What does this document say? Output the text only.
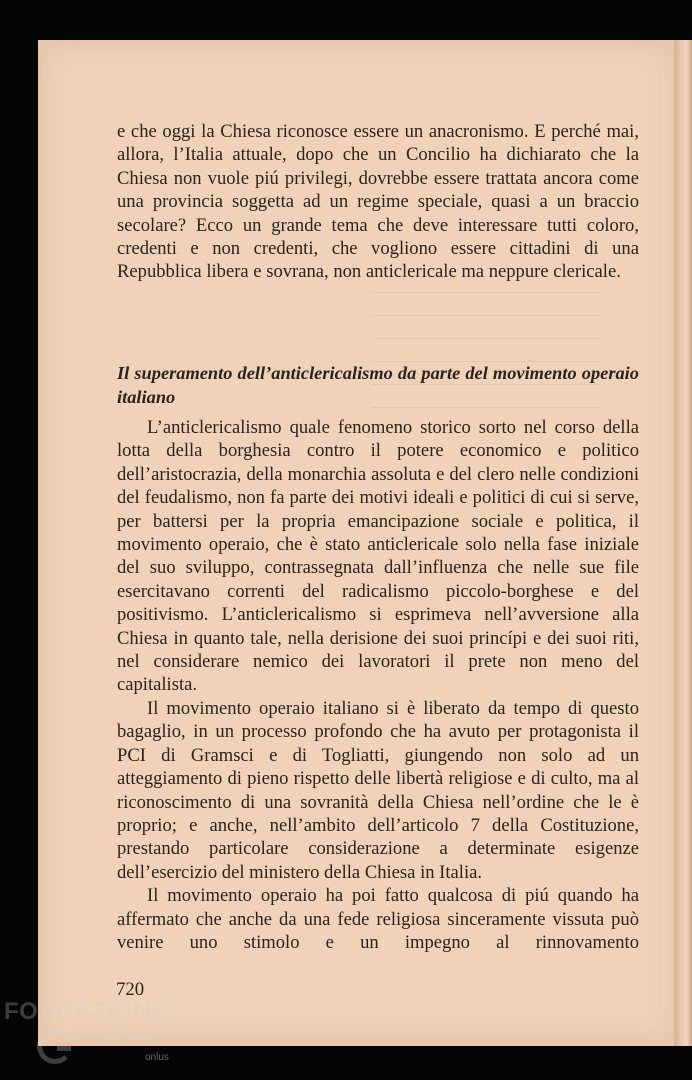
e che oggi la Chiesa riconosce essere un anacronismo. E perché mai, allora, l’Italia attuale, dopo che un Concilio ha dichiarato che la Chiesa non vuole piú privilegi, dovrebbe essere trattata ancora come una provincia soggetta ad un regime speciale, quasi a un braccio secolare? Ecco un grande tema che deve interessare tutti coloro, credenti e non credenti, che vogliono essere cittadini di una Repubblica libera e sovrana, non anticlericale ma neppure clericale.

Il superamento dell’anticlericalismo da parte del movimento operaio italiano

L’anticlericalismo quale fenomeno storico sorto nel corso della lotta della borghesia contro il potere economico e politico dell’aristocrazia, della monarchia assoluta e del clero nelle condizioni del feudalismo, non fa parte dei motivi ideali e politici di cui si serve, per battersi per la propria emancipazione sociale e politica, il movimento operaio, che è stato anticlericale solo nella fase iniziale del suo sviluppo, contrassegnata dall’influenza che nelle sue file esercitavano correnti del radicalismo piccolo-borghese e del positivismo. L’anticlericalismo si esprimeva nell’avversione alla Chiesa in quanto tale, nella derisione dei suoi princípi e dei suoi riti, nel considerare nemico dei lavoratori il prete non meno del capitalista.

Il movimento operaio italiano si è liberato da tempo di questo bagaglio, in un processo profondo che ha avuto per protagonista il PCI di Gramsci e di Togliatti, giungendo non solo ad un atteggiamento di pieno rispetto delle libertà religiose e di culto, ma al riconoscimento di una sovranità della Chiesa nell’ordine che le è proprio; e anche, nell’ambito dell’articolo 7 della Costituzione, prestando particolare considerazione a determinate esigenze dell’esercizio del ministero della Chiesa in Italia.

Il movimento operaio ha poi fatto qualcosa di piú quando ha affermato che anche da una fede religiosa sinceramente vissuta può venire uno stimolo e un impegno al rinnovamento

720
FONDAZIONE
RAMSCI
onlus
